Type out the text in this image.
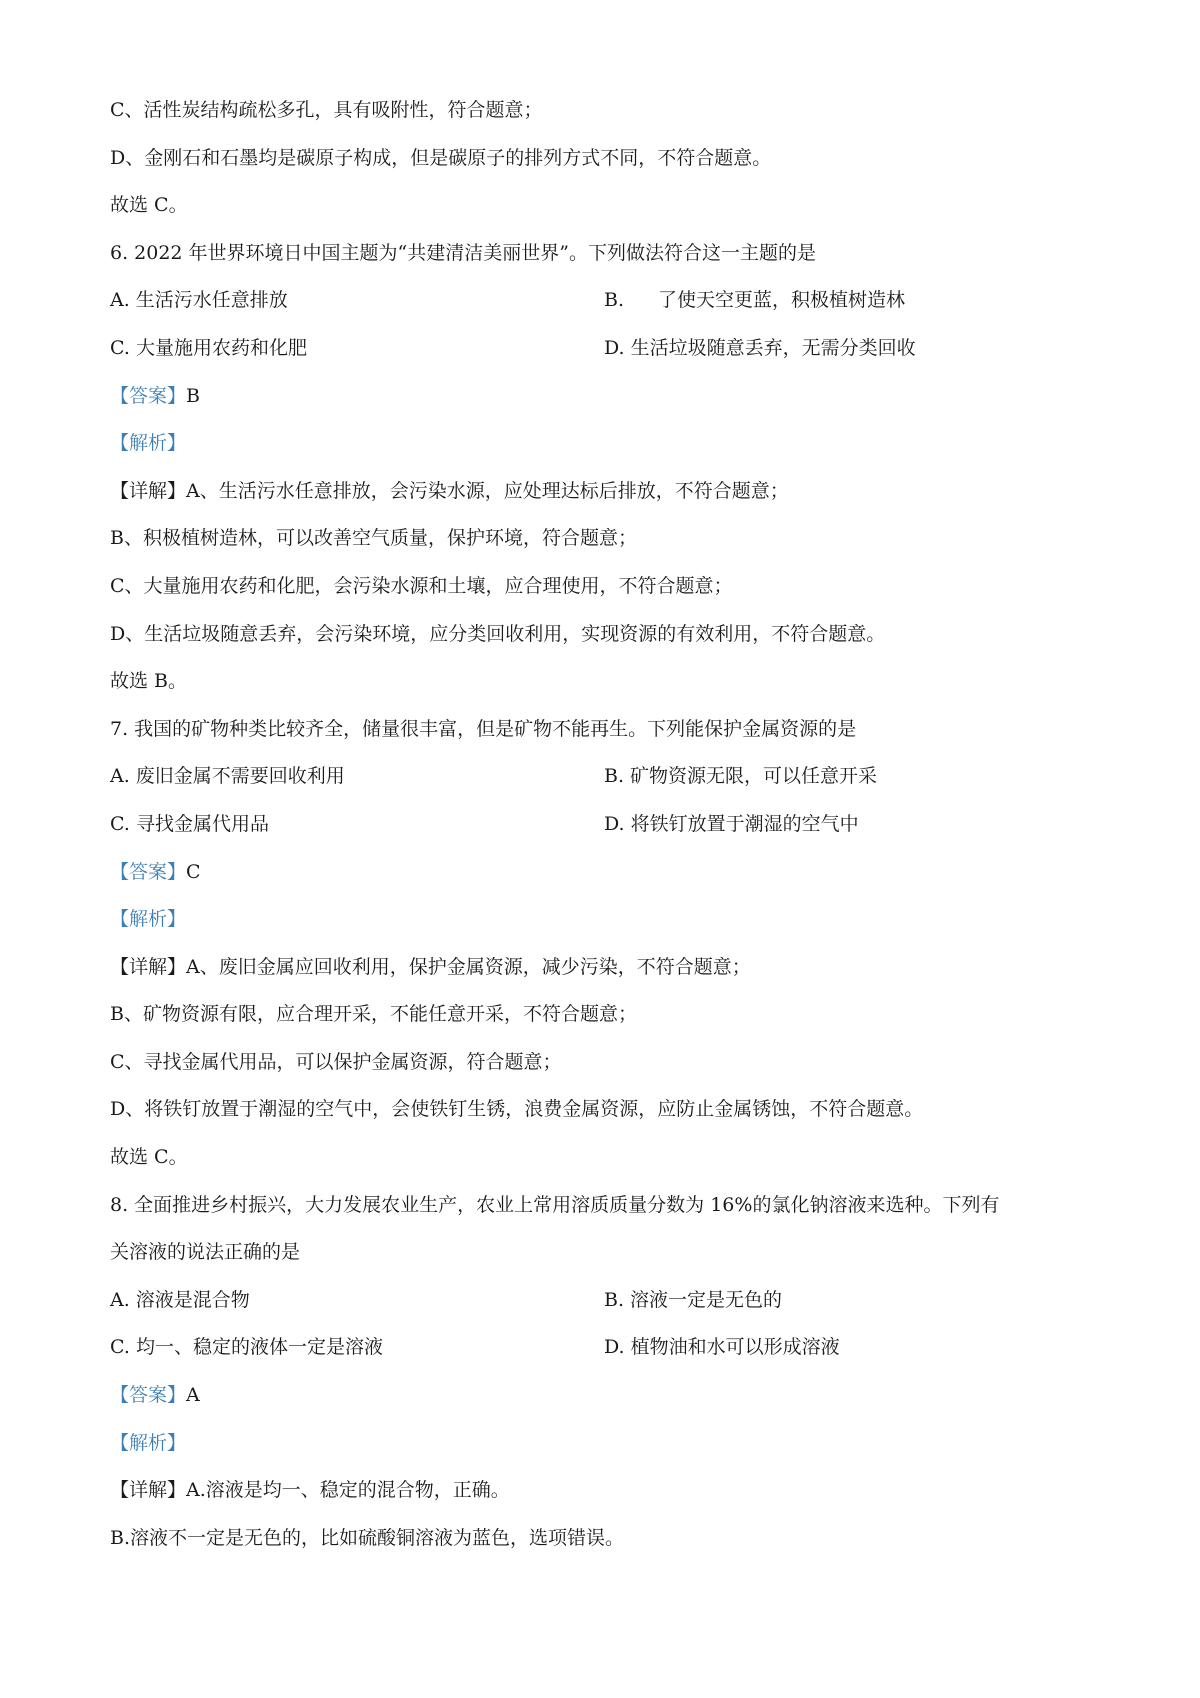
C、活性炭结构疏松多孔，具有吸附性，符合题意；
D、金刚石和石墨均是碳原子构成，但是碳原子的排列方式不同，不符合题意。
故选 C。
6. 2022 年世界环境日中国主题为“共建清洁美丽世界”。下列做法符合这一主题的是
A. 生活污水任意排放	B. 了使天空更蓝，积极植树造林
C. 大量施用农药和化肥	D. 生活垃圾随意丢弃，无需分类回收
【答案】B
【解析】
【详解】A、生活污水任意排放，会污染水源，应处理达标后排放，不符合题意；
B、积极植树造林，可以改善空气质量，保护环境，符合题意；
C、大量施用农药和化肥，会污染水源和土壤，应合理使用，不符合题意；
D、生活垃圾随意丢弃，会污染环境，应分类回收利用，实现资源的有效利用，不符合题意。
故选 B。
7. 我国的矿物种类比较齐全，储量很丰富，但是矿物不能再生。下列能保护金属资源的是
A. 废旧金属不需要回收利用	B. 矿物资源无限，可以任意开采
C. 寻找金属代用品	D. 将铁钉放置于潮湿的空气中
【答案】C
【解析】
【详解】A、废旧金属应回收利用，保护金属资源，减少污染，不符合题意；
B、矿物资源有限，应合理开采，不能任意开采，不符合题意；
C、寻找金属代用品，可以保护金属资源，符合题意；
D、将铁钉放置于潮湿的空气中，会使铁钉生锈，浪费金属资源，应防止金属锈蚀，不符合题意。
故选 C。
8. 全面推进乡村振兴，大力发展农业生产，农业上常用溶质质量分数为 16%的氯化钠溶液来选种。下列有
关溶液的说法正确的是
A. 溶液是混合物	B. 溶液一定是无色的
C. 均一、稳定的液体一定是溶液	D. 植物油和水可以形成溶液
【答案】A
【解析】
【详解】A.溶液是均一、稳定的混合物，正确。
B.溶液不一定是无色的，比如硫酸铜溶液为蓝色，选项错误。
